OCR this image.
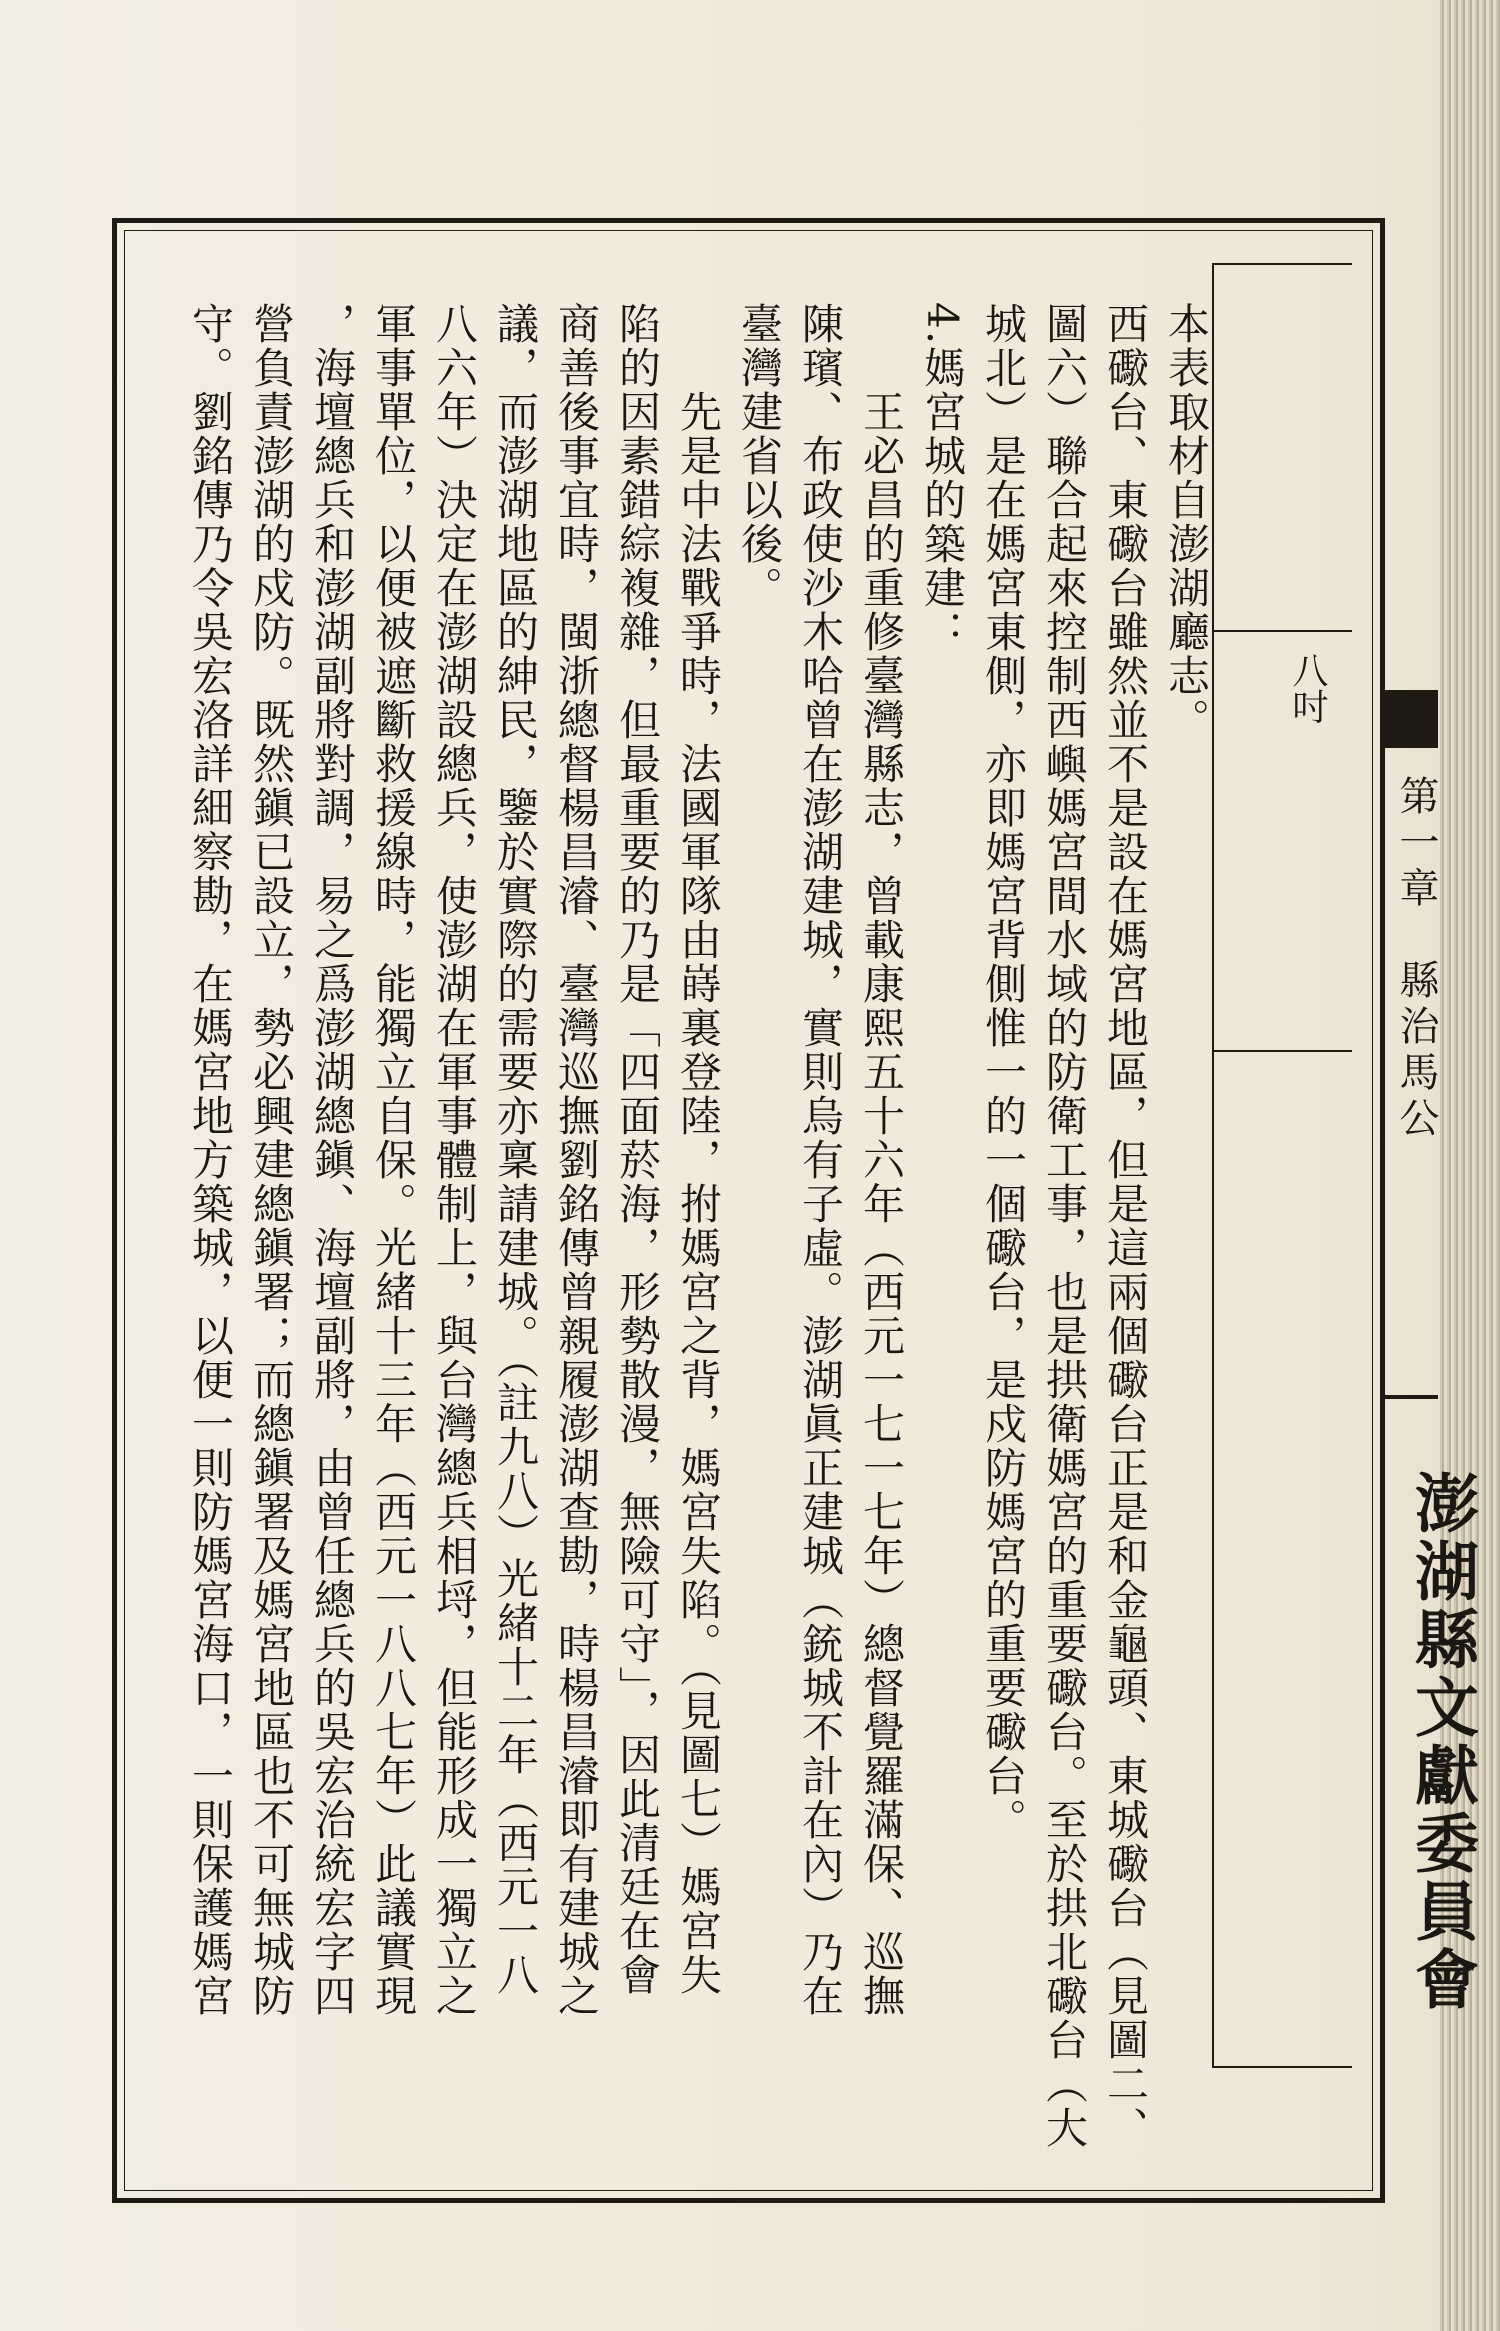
八吋
第一章　縣治馬公
澎湖縣文獻委員會
本表取材自澎湖廳志。
西礮台、東礮台雖然並不是設在媽宮地區，但是這兩個礮台正是和金龜頭、東城礮台（見圖二、
圖六）聯合起來控制西嶼媽宮間水域的防衛工事，也是拱衛媽宮的重要礮台。至於拱北礮台（大
城北）是在媽宮東側，亦即媽宮背側惟一的一個礮台，是戍防媽宮的重要礮台。
4.媽宮城的築建：
　　王必昌的重修臺灣縣志，曾載康熙五十六年（西元一七一七年）總督覺羅滿保、巡撫
陳璸、布政使沙木哈曾在澎湖建城，實則烏有子虛。澎湖眞正建城（銃城不計在內）乃在
臺灣建省以後。
　　先是中法戰爭時，法國軍隊由嵵裏登陸，拊媽宮之背，媽宮失陷。（見圖七）媽宮失
陷的因素錯綜複雜，但最重要的乃是「四面菸海，形勢散漫，無險可守」，因此清廷在會
商善後事宜時，閩浙總督楊昌濬、臺灣巡撫劉銘傳曾親履澎湖查勘，時楊昌濬即有建城之
議，而澎湖地區的紳民，鑒於實際的需要亦稟請建城。（註九八）光緒十二年（西元一八
八六年）決定在澎湖設總兵，使澎湖在軍事體制上，與台灣總兵相埒，但能形成一獨立之
軍事單位，以便被遮斷救援線時，能獨立自保。光緒十三年（西元一八八七年）此議實現
，海壇總兵和澎湖副將對調，易之爲澎湖總鎭、海壇副將，由曾任總兵的吳宏治統宏字四
營負責澎湖的戍防。既然鎭已設立，勢必興建總鎭署；而總鎭署及媽宮地區也不可無城防
守。劉銘傳乃令吳宏洛詳細察勘，在媽宮地方築城，以便一則防媽宮海口，一則保護媽宮
